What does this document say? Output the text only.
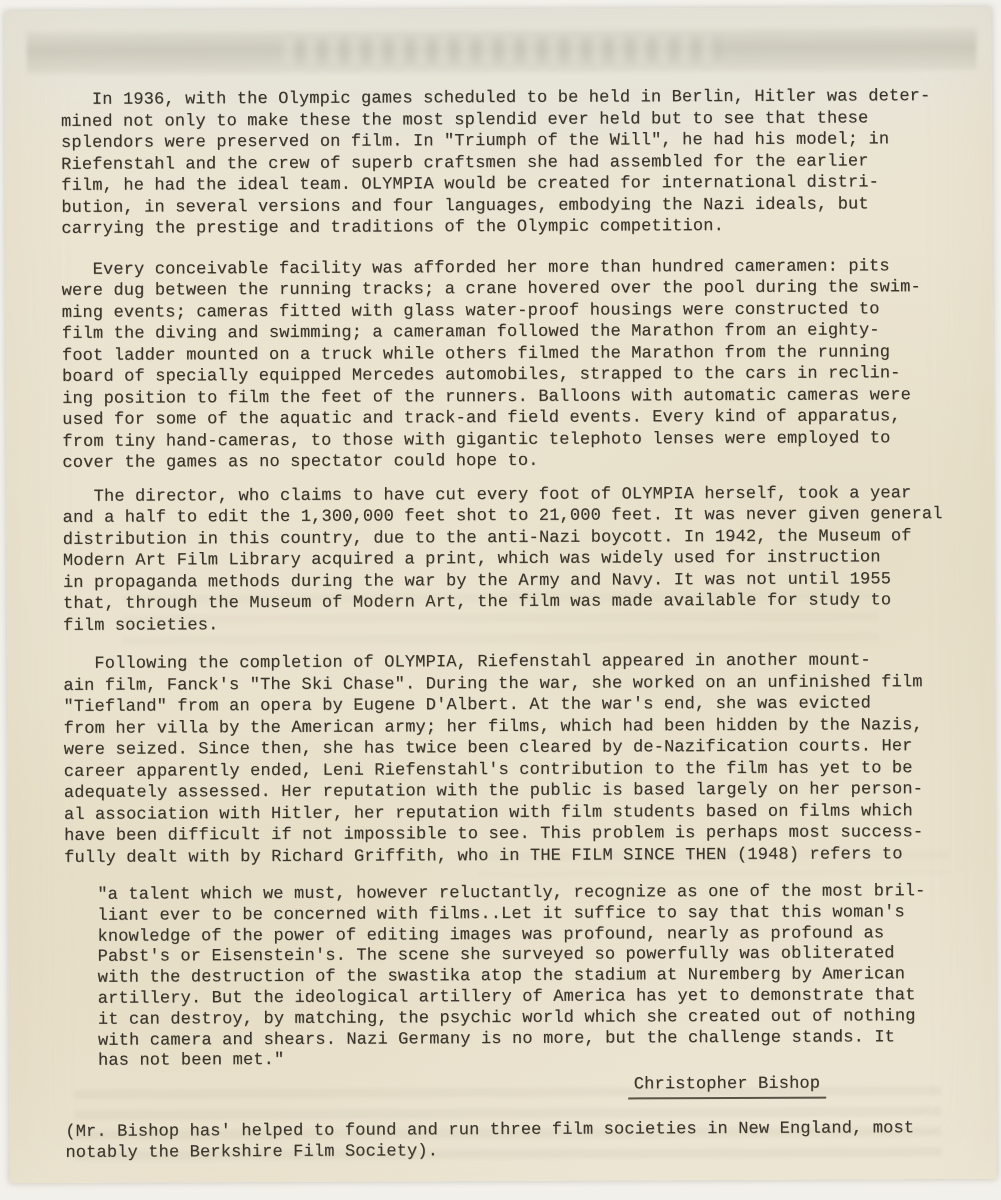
In 1936, with the Olympic games scheduled to be held in Berlin, Hitler was deter-
mined not only to make these the most splendid ever held but to see that these
splendors were preserved on film. In "Triumph of the Will", he had his model; in
Riefenstahl and the crew of superb craftsmen she had assembled for the earlier
film, he had the ideal team. OLYMPIA would be created for international distri-
bution, in several versions and four languages, embodying the Nazi ideals, but
carrying the prestige and traditions of the Olympic competition.

Every conceivable facility was afforded her more than hundred cameramen: pits
were dug between the running tracks; a crane hovered over the pool during the swim-
ming events; cameras fitted with glass water-proof housings were constructed to
film the diving and swimming; a cameraman followed the Marathon from an eighty-
foot ladder mounted on a truck while others filmed the Marathon from the running
board of specially equipped Mercedes automobiles, strapped to the cars in reclin-
ing position to film the feet of the runners. Balloons with automatic cameras were
used for some of the aquatic and track-and field events. Every kind of apparatus,
from tiny hand-cameras, to those with gigantic telephoto lenses were employed to
cover the games as no spectator could hope to.

The director, who claims to have cut every foot of OLYMPIA herself, took a year
and a half to edit the 1,300,000 feet shot to 21,000 feet. It was never given general
distribution in this country, due to the anti-Nazi boycott. In 1942, the Museum of
Modern Art Film Library acquired a print, which was widely used for instruction
in propaganda methods during the war by the Army and Navy. It was not until 1955
that, through the Museum of Modern Art, the film was made available for study to
film societies.

Following the completion of OLYMPIA, Riefenstahl appeared in another mount-
ain film, Fanck's "The Ski Chase". During the war, she worked on an unfinished film
"Tiefland" from an opera by Eugene D'Albert. At the war's end, she was evicted
from her villa by the American army; her films, which had been hidden by the Nazis,
were seized. Since then, she has twice been cleared by de-Nazification courts. Her
career apparently ended, Leni Riefenstahl's contribution to the film has yet to be
adequately assessed. Her reputation with the public is based largely on her person-
al association with Hitler, her reputation with film students based on films which
have been difficult if not impossible to see. This problem is perhaps most success-
fully dealt with by Richard Griffith, who in THE FILM SINCE THEN (1948) refers to

"a talent which we must, however reluctantly, recognize as one of the most bril-
liant ever to be concerned with films..Let it suffice to say that this woman's
knowledge of the power of editing images was profound, nearly as profound as
Pabst's or Eisenstein's. The scene she surveyed so powerfully was obliterated
with the destruction of the swastika atop the stadium at Nuremberg by American
artillery. But the ideological artillery of America has yet to demonstrate that
it can destroy, by matching, the psychic world which she created out of nothing
with camera and shears. Nazi Germany is no more, but the challenge stands. It
has not been met."

Christopher Bishop

(Mr. Bishop has' helped to found and run three film societies in New England, most
notably the Berkshire Film Society).
